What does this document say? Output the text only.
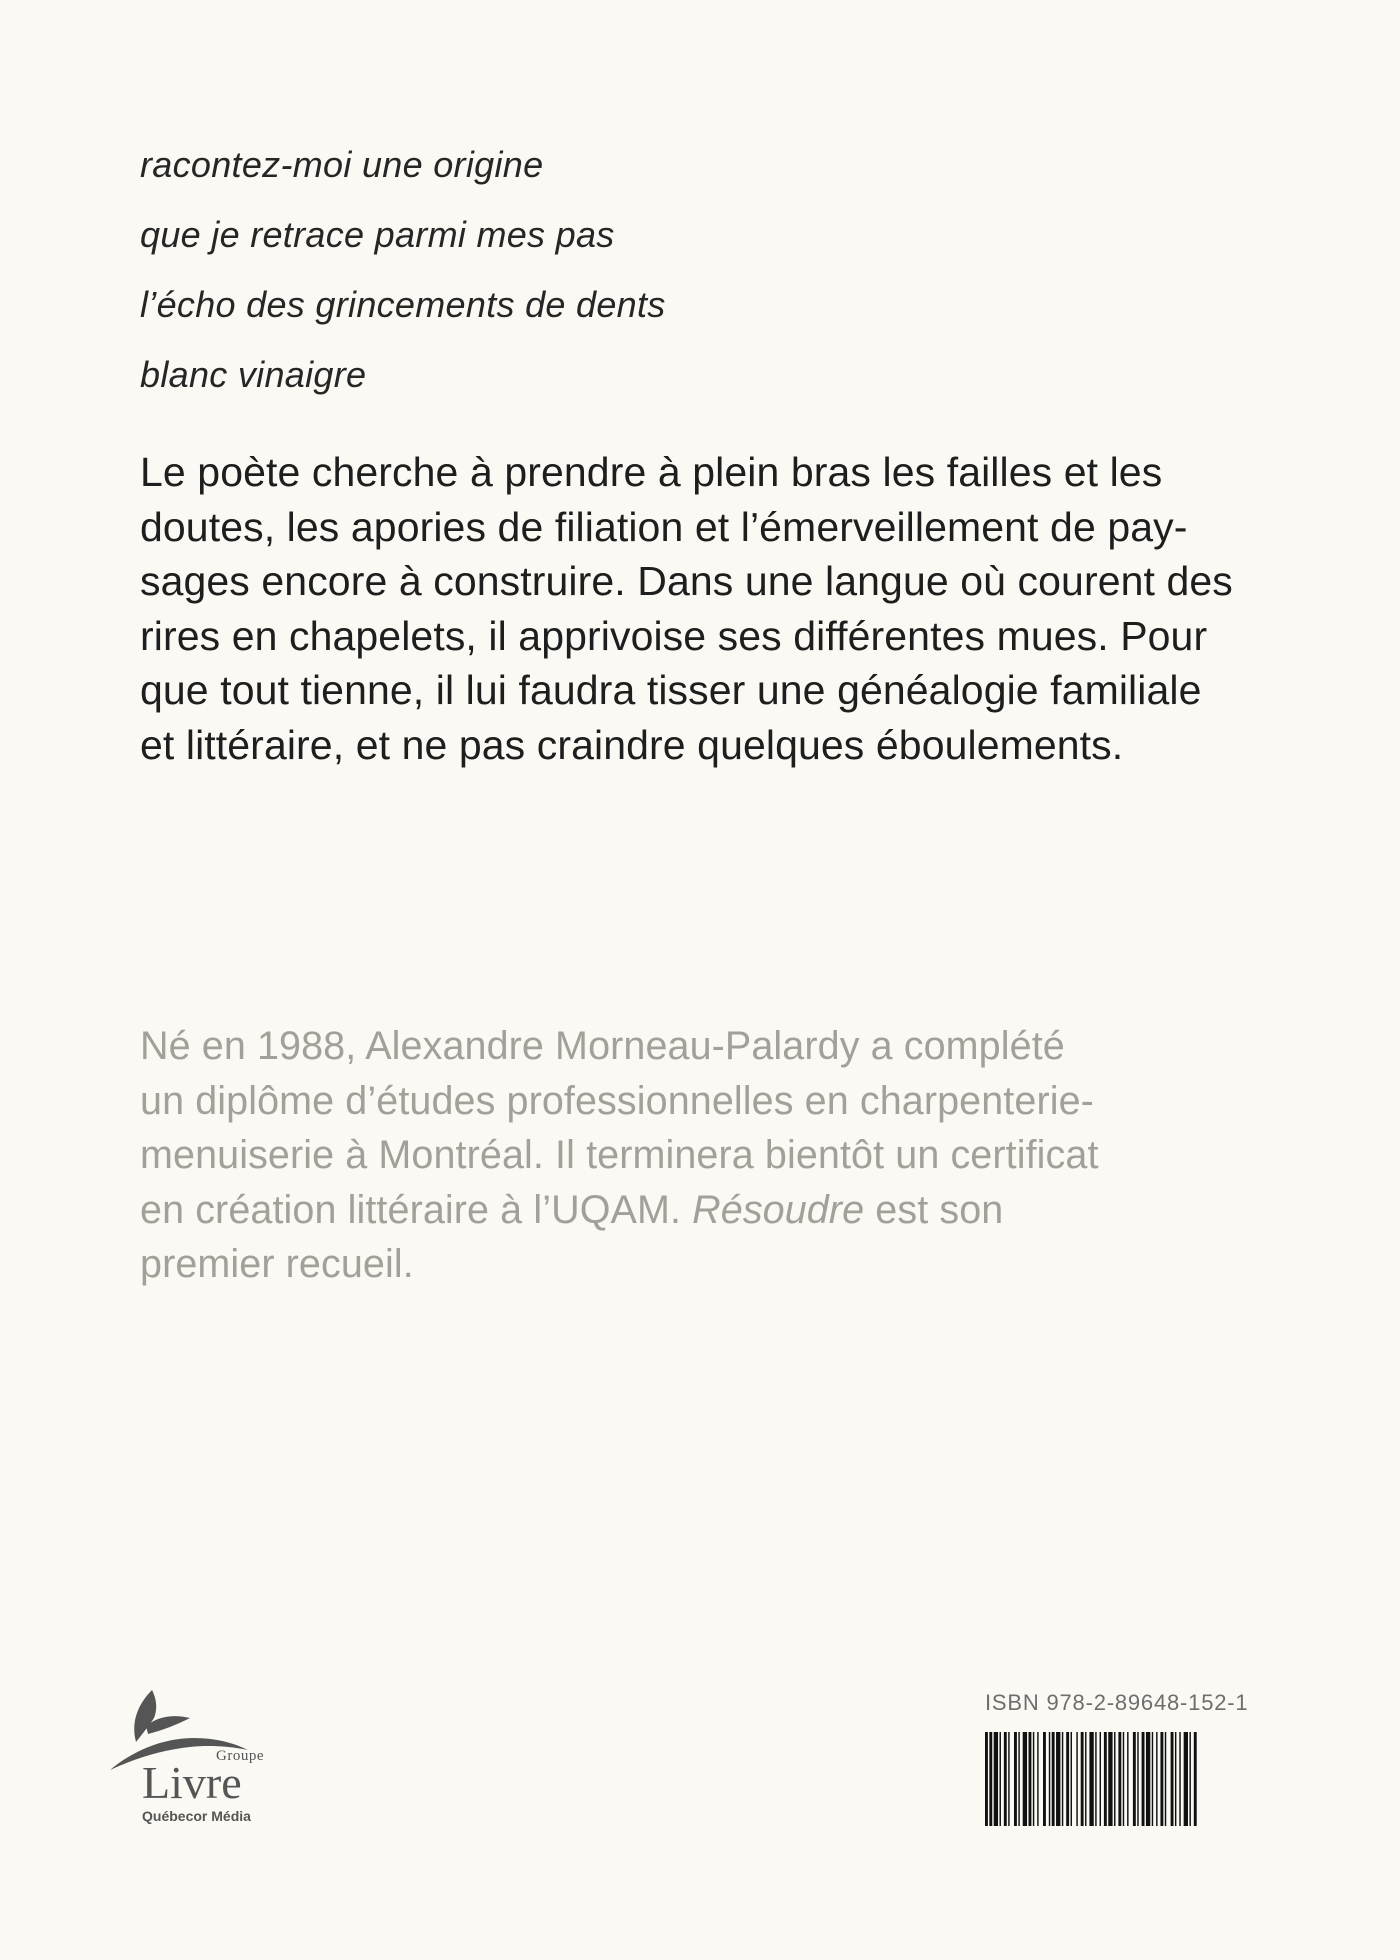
racontez-moi une origine
que je retrace parmi mes pas
l’écho des grincements de dents
blanc vinaigre
Le poète cherche à prendre à plein bras les failles et les
doutes, les apories de filiation et l’émerveillement de pay-
sages encore à construire. Dans une langue où courent des
rires en chapelets, il apprivoise ses différentes mues. Pour
que tout tienne, il lui faudra tisser une généalogie familiale
et littéraire, et ne pas craindre quelques éboulements.
Né en 1988, Alexandre Morneau-Palardy a complété
un diplôme d’études professionnelles en charpenterie-
menuiserie à Montréal. Il terminera bientôt un certificat
en création littéraire à l’UQAM. Résoudre est son
premier recueil.
Groupe
Livre
Québecor Média
ISBN 978-2-89648-152-1
